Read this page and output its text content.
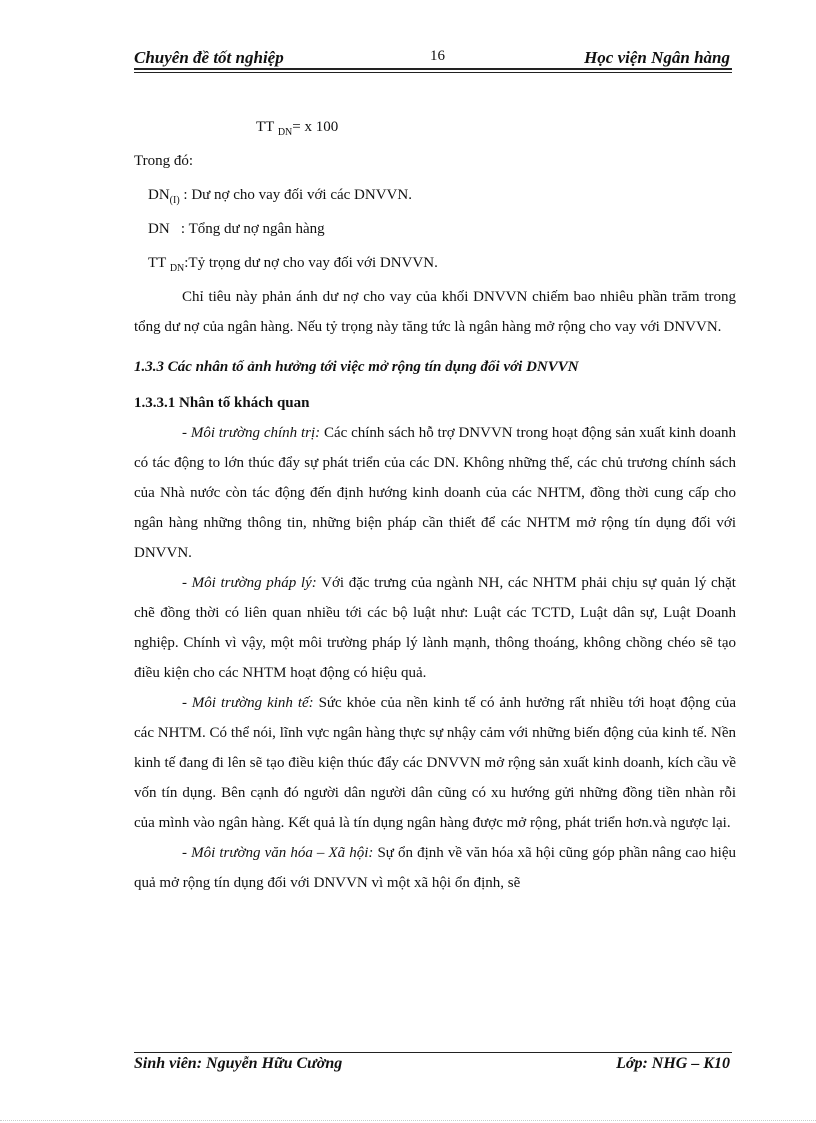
Chuyên đề tốt nghiệp	16	Học viện Ngân hàng
TT $_{DN}$= x 100
Trong đó:
$DN_{(I)}$ : Dư nợ cho vay đối với các DNVVN.
DN   : Tổng dư nợ ngân hàng
TT $_{DN}$:Tỷ trọng dư nợ cho vay đối với DNVVN.

Chỉ tiêu này phản ánh dư nợ cho vay của khối DNVVN chiếm bao nhiêu phần trăm trong tổng dư nợ của ngân hàng. Nếu tỷ trọng này tăng tức là ngân hàng mở rộng cho vay với DNVVN.

1.3.3 Các nhân tố ảnh hưởng tới việc mở rộng tín dụng đối với DNVVN

1.3.3.1 Nhân tố khách quan

- Môi trường chính trị: Các chính sách hỗ trợ DNVVN trong hoạt động sản xuất kinh doanh có tác động to lớn thúc đẩy sự phát triển của các DN. Không những thế, các chủ trương chính sách của Nhà nước còn tác động đến định hướng kinh doanh của các NHTM, đồng thời cung cấp cho ngân hàng những thông tin, những biện pháp cần thiết để các NHTM mở rộng tín dụng đối với DNVVN.

- Môi trường pháp lý: Với đặc trưng của ngành NH, các NHTM phải chịu sự quản lý chặt chẽ đồng thời có liên quan nhiều tới các bộ luật như: Luật các TCTD, Luật dân sự, Luật Doanh nghiệp. Chính vì vậy, một môi trường pháp lý lành mạnh, thông thoáng, không chồng chéo sẽ tạo điều kiện cho các NHTM hoạt động có hiệu quả.

- Môi trường kinh tế: Sức khỏe của nền kinh tế có ảnh hưởng rất nhiều tới hoạt động của các NHTM. Có thể nói, lĩnh vực ngân hàng thực sự nhậy cảm với những biến động của kinh tế. Nền kinh tế đang đi lên sẽ tạo điều kiện thúc đẩy các DNVVN mở rộng sản xuất kinh doanh, kích cầu về vốn tín dụng. Bên cạnh đó người dân người dân cũng có xu hướng gửi những đồng tiền nhàn rỗi của mình vào ngân hàng. Kết quả là tín dụng ngân hàng được mở rộng, phát triển hơn.và ngược lại.

- Môi trường văn hóa – Xã hội: Sự ổn định về văn hóa xã hội cũng góp phần nâng cao hiệu quả mở rộng tín dụng đối với DNVVN vì một xã hội ổn định, sẽ

Sinh viên: Nguyễn Hữu Cường	Lớp: NHG – K10
